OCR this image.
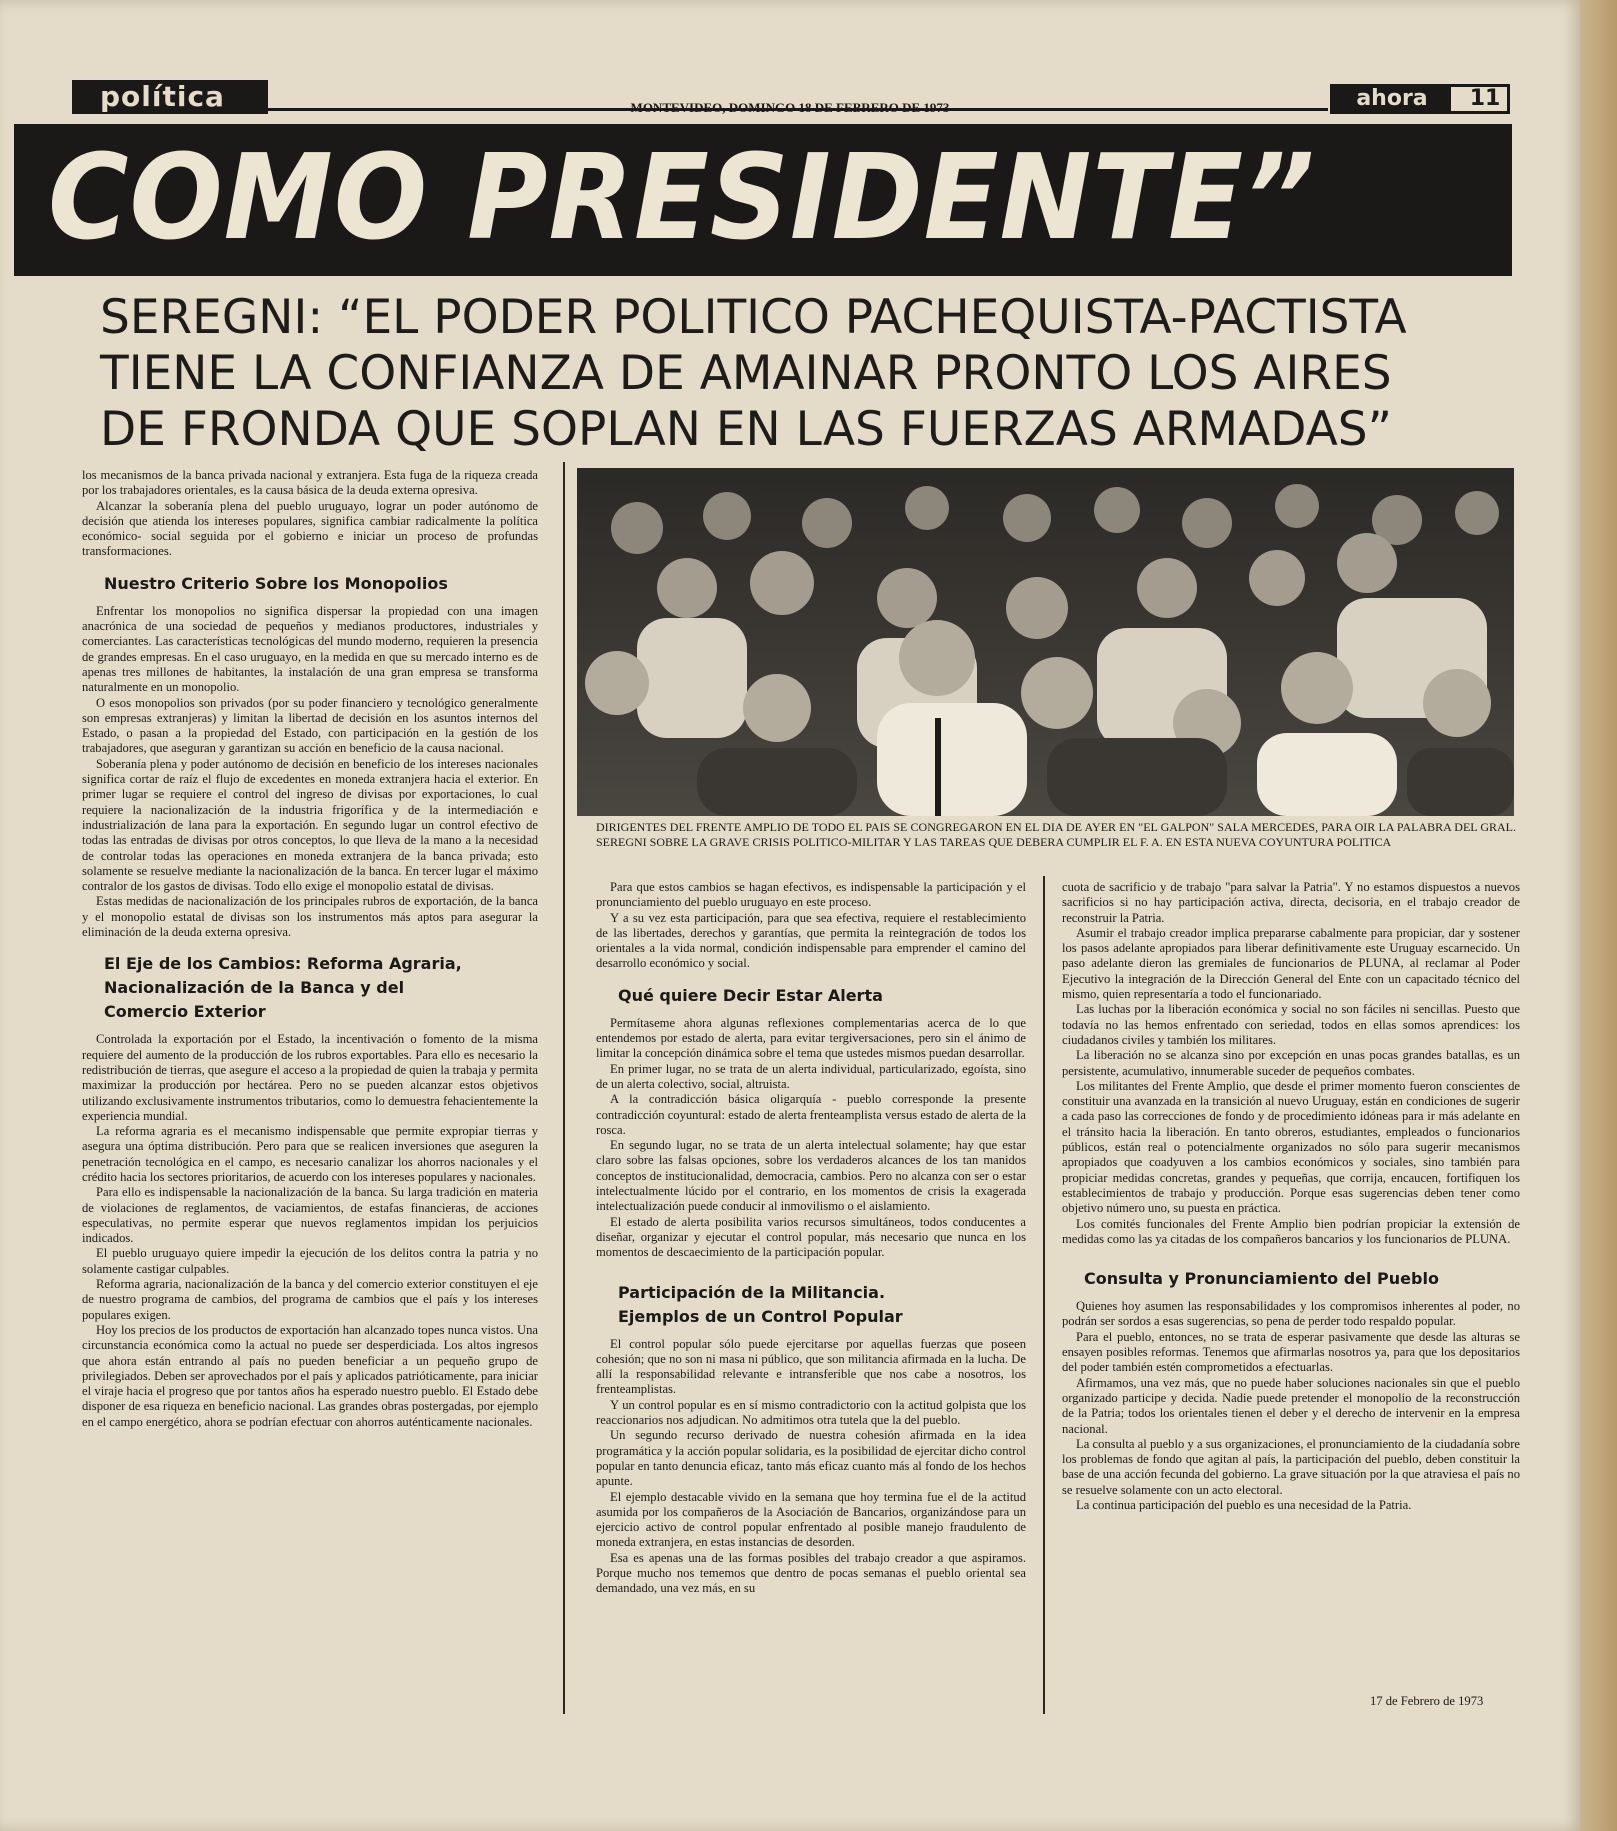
política	MONTEVIDEO, DOMINGO 18 DE FEBRERO DE 1973	ahora	11
COMO PRESIDENTE”
SEREGNI: “EL PODER POLITICO PACHEQUISTA-PACTISTA
TIENE LA CONFIANZA DE AMAINAR PRONTO LOS AIRES
DE FRONDA QUE SOPLAN EN LAS FUERZAS ARMADAS”

los mecanismos de la banca privada nacional y extranjera. Esta fuga de la riqueza creada por los trabajadores orientales, es la causa básica de la deuda externa opresiva.

Alcanzar la soberanía plena del pueblo uruguayo, lograr un poder autónomo de decisión que atienda los intereses populares, significa cambiar radicalmente la política económico- social seguida por el gobierno e iniciar un proceso de profundas transformaciones.

Nuestro Criterio Sobre los Monopolios

Enfrentar los monopolios no significa dispersar la propiedad con una imagen anacrónica de una sociedad de pequeños y medianos productores, industriales y comerciantes. Las características tecnológicas del mundo moderno, requieren la presencia de grandes empresas. En el caso uruguayo, en la medida en que su mercado interno es de apenas tres millones de habitantes, la instalación de una gran empresa se transforma naturalmente en un monopolio.

O esos monopolios son privados (por su poder financiero y tecnológico generalmente son empresas extranjeras) y limitan la libertad de decisión en los asuntos internos del Estado, o pasan a la propiedad del Estado, con participación en la gestión de los trabajadores, que aseguran y garantizan su acción en beneficio de la causa nacional.

Soberanía plena y poder autónomo de decisión en beneficio de los intereses nacionales significa cortar de raíz el flujo de excedentes en moneda extranjera hacia el exterior. En primer lugar se requiere el control del ingreso de divisas por exportaciones, lo cual requiere la nacionalización de la industria frigorífica y de la intermediación e industrialización de lana para la exportación. En segundo lugar un control efectivo de todas las entradas de divisas por otros conceptos, lo que lleva de la mano a la necesidad de controlar todas las operaciones en moneda extranjera de la banca privada; esto solamente se resuelve mediante la nacionalización de la banca. En tercer lugar el máximo contralor de los gastos de divisas. Todo ello exige el monopolio estatal de divisas.

Estas medidas de nacionalización de los principales rubros de exportación, de la banca y el monopolio estatal de divisas son los instrumentos más aptos para asegurar la eliminación de la deuda externa opresiva.

El Eje de los Cambios: Reforma Agraria,
Nacionalización de la Banca y del
Comercio Exterior

Controlada la exportación por el Estado, la incentivación o fomento de la misma requiere del aumento de la producción de los rubros exportables. Para ello es necesario la redistribución de tierras, que asegure el acceso a la propiedad de quien la trabaja y permita maximizar la producción por hectárea. Pero no se pueden alcanzar estos objetivos utilizando exclusivamente instrumentos tributarios, como lo demuestra fehacientemente la experiencia mundial.

La reforma agraria es el mecanismo indispensable que permite expropiar tierras y asegura una óptima distribución. Pero para que se realicen inversiones que aseguren la penetración tecnológica en el campo, es necesario canalizar los ahorros nacionales y el crédito hacia los sectores prioritarios, de acuerdo con los intereses populares y nacionales.

Para ello es indispensable la nacionalización de la banca. Su larga tradición en materia de violaciones de reglamentos, de vaciamientos, de estafas financieras, de acciones especulativas, no permite esperar que nuevos reglamentos impidan los perjuicios indicados.

El pueblo uruguayo quiere impedir la ejecución de los delitos contra la patria y no solamente castigar culpables.

Reforma agraria, nacionalización de la banca y del comercio exterior constituyen el eje de nuestro programa de cambios, del programa de cambios que el país y los intereses populares exigen.

Hoy los precios de los productos de exportación han alcanzado topes nunca vistos. Una circunstancia económica como la actual no puede ser desperdiciada. Los altos ingresos que ahora están entrando al país no pueden beneficiar a un pequeño grupo de privilegiados. Deben ser aprovechados por el país y aplicados patrióticamente, para iniciar el viraje hacia el progreso que por tantos años ha esperado nuestro pueblo. El Estado debe disponer de esa riqueza en beneficio nacional. Las grandes obras postergadas, por ejemplo en el campo energético, ahora se podrían efectuar con ahorros auténticamente nacionales.

DIRIGENTES DEL FRENTE AMPLIO DE TODO EL PAIS SE CONGREGARON EN EL DIA DE AYER EN "EL GALPON" SALA MERCEDES, PARA OIR LA PALABRA DEL GRAL. SEREGNI SOBRE LA GRAVE CRISIS POLITICO-MILITAR Y LAS TAREAS QUE DEBERA CUMPLIR EL F. A. EN ESTA NUEVA COYUNTURA POLITICA

Para que estos cambios se hagan efectivos, es indispensable la participación y el pronunciamiento del pueblo uruguayo en este proceso.

Y a su vez esta participación, para que sea efectiva, requiere el restablecimiento de las libertades, derechos y garantías, que permita la reintegración de todos los orientales a la vida normal, condición indispensable para emprender el camino del desarrollo económico y social.

Qué quiere Decir Estar Alerta

Permítaseme ahora algunas reflexiones complementarias acerca de lo que entendemos por estado de alerta, para evitar tergiversaciones, pero sin el ánimo de limitar la concepción dinámica sobre el tema que ustedes mismos puedan desarrollar.

En primer lugar, no se trata de un alerta individual, particularizado, egoísta, sino de un alerta colectivo, social, altruista.

A la contradicción básica oligarquía - pueblo corresponde la presente contradicción coyuntural: estado de alerta frenteamplista versus estado de alerta de la rosca.

En segundo lugar, no se trata de un alerta intelectual solamente; hay que estar claro sobre las falsas opciones, sobre los verdaderos alcances de los tan manidos conceptos de institucionalidad, democracia, cambios. Pero no alcanza con ser o estar intelectualmente lúcido por el contrario, en los momentos de crisis la exagerada intelectualización puede conducir al inmovilismo o el aislamiento.

El estado de alerta posibilita varios recursos simultáneos, todos conducentes a diseñar, organizar y ejecutar el control popular, más necesario que nunca en los momentos de descaecimiento de la participación popular.

Participación de la Militancia.
Ejemplos de un Control Popular

El control popular sólo puede ejercitarse por aquellas fuerzas que poseen cohesión; que no son ni masa ni público, que son militancia afirmada en la lucha. De allí la responsabilidad relevante e intransferible que nos cabe a nosotros, los frenteamplistas.

Y un control popular es en sí mismo contradictorio con la actitud golpista que los reaccionarios nos adjudican. No admitimos otra tutela que la del pueblo.

Un segundo recurso derivado de nuestra cohesión afirmada en la idea programática y la acción popular solidaria, es la posibilidad de ejercitar dicho control popular en tanto denuncia eficaz, tanto más eficaz cuanto más al fondo de los hechos apunte.

El ejemplo destacable vivido en la semana que hoy termina fue el de la actitud asumida por los compañeros de la Asociación de Bancarios, organizándose para un ejercicio activo de control popular enfrentado al posible manejo fraudulento de moneda extranjera, en estas instancias de desorden.

Esa es apenas una de las formas posibles del trabajo creador a que aspiramos. Porque mucho nos tememos que dentro de pocas semanas el pueblo oriental sea demandado, una vez más, en su

cuota de sacrificio y de trabajo "para salvar la Patria". Y no estamos dispuestos a nuevos sacrificios si no hay participación activa, directa, decisoria, en el trabajo creador de reconstruir la Patria.

Asumir el trabajo creador implica prepararse cabalmente para propiciar, dar y sostener los pasos adelante apropiados para liberar definitivamente este Uruguay escarnecido. Un paso adelante dieron las gremiales de funcionarios de PLUNA, al reclamar al Poder Ejecutivo la integración de la Dirección General del Ente con un capacitado técnico del mismo, quien representaría a todo el funcionariado.

Las luchas por la liberación económica y social no son fáciles ni sencillas. Puesto que todavía no las hemos enfrentado con seriedad, todos en ellas somos aprendices: los ciudadanos civiles y también los militares.

La liberación no se alcanza sino por excepción en unas pocas grandes batallas, es un persistente, acumulativo, innumerable suceder de pequeños combates.

Los militantes del Frente Amplio, que desde el primer momento fueron conscientes de constituir una avanzada en la transición al nuevo Uruguay, están en condiciones de sugerir a cada paso las correcciones de fondo y de procedimiento idóneas para ir más adelante en el tránsito hacia la liberación. En tanto obreros, estudiantes, empleados o funcionarios públicos, están real o potencialmente organizados no sólo para sugerir mecanismos apropiados que coadyuven a los cambios económicos y sociales, sino también para propiciar medidas concretas, grandes y pequeñas, que corrija, encaucen, fortifiquen los establecimientos de trabajo y producción. Porque esas sugerencias deben tener como objetivo número uno, su puesta en práctica.

Los comités funcionales del Frente Amplio bien podrían propiciar la extensión de medidas como las ya citadas de los compañeros bancarios y los funcionarios de PLUNA.

Consulta y Pronunciamiento del Pueblo

Quienes hoy asumen las responsabilidades y los compromisos inherentes al poder, no podrán ser sordos a esas sugerencias, so pena de perder todo respaldo popular.

Para el pueblo, entonces, no se trata de esperar pasivamente que desde las alturas se ensayen posibles reformas. Tenemos que afirmarlas nosotros ya, para que los depositarios del poder también estén comprometidos a efectuarlas.

Afirmamos, una vez más, que no puede haber soluciones nacionales sin que el pueblo organizado participe y decida. Nadie puede pretender el monopolio de la reconstrucción de la Patria; todos los orientales tienen el deber y el derecho de intervenir en la empresa nacional.

La consulta al pueblo y a sus organizaciones, el pronunciamiento de la ciudadanía sobre los problemas de fondo que agitan al país, la participación del pueblo, deben constituir la base de una acción fecunda del gobierno. La grave situación por la que atraviesa el país no se resuelve solamente con un acto electoral.

La continua participación del pueblo es una necesidad de la Patria.

17 de Febrero de 1973
